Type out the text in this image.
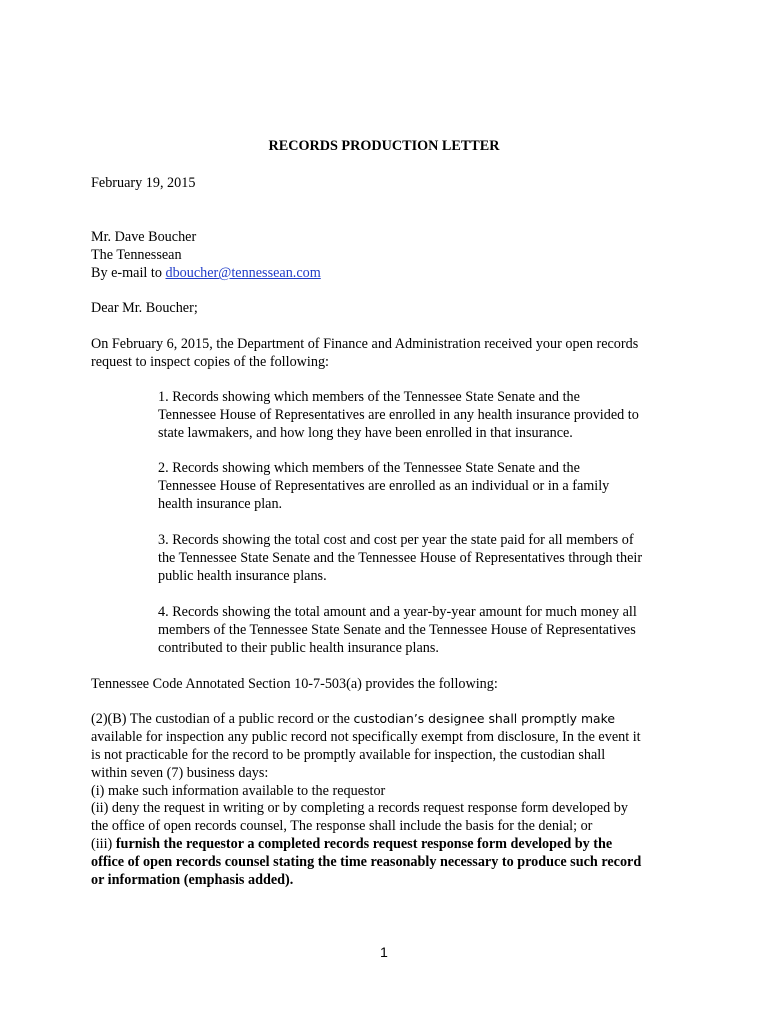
RECORDS PRODUCTION LETTER
February 19, 2015
Mr. Dave Boucher
The Tennessean
By e-mail to dboucher@tennessean.com
Dear Mr. Boucher;
On February 6, 2015, the Department of Finance and Administration received your open records
request to inspect copies of the following:
1. Records showing which members of the Tennessee State Senate and the
Tennessee House of Representatives are enrolled in any health insurance provided to
state lawmakers, and how long they have been enrolled in that insurance.
2. Records showing which members of the Tennessee State Senate and the
Tennessee House of Representatives are enrolled as an individual or in a family
health insurance plan.
3. Records showing the total cost and cost per year the state paid for all members of
the Tennessee State Senate and the Tennessee House of Representatives through their
public health insurance plans.
4. Records showing the total amount and a year-by-year amount for much money all
members of the Tennessee State Senate and the Tennessee House of Representatives
contributed to their public health insurance plans.
Tennessee Code Annotated Section 10-7-503(a) provides the following:
(2)(B) The custodian of a public record or the custodian’s designee shall promptly make
available for inspection any public record not specifically exempt from disclosure, In the event it
is not practicable for the record to be promptly available for inspection, the custodian shall
within seven (7) business days:
(i) make such information available to the requestor
(ii) deny the request in writing or by completing a records request response form developed by
the office of open records counsel, The response shall include the basis for the denial; or
(iii) furnish the requestor a completed records request response form developed by the
office of open records counsel stating the time reasonably necessary to produce such record
or information (emphasis added).
1
